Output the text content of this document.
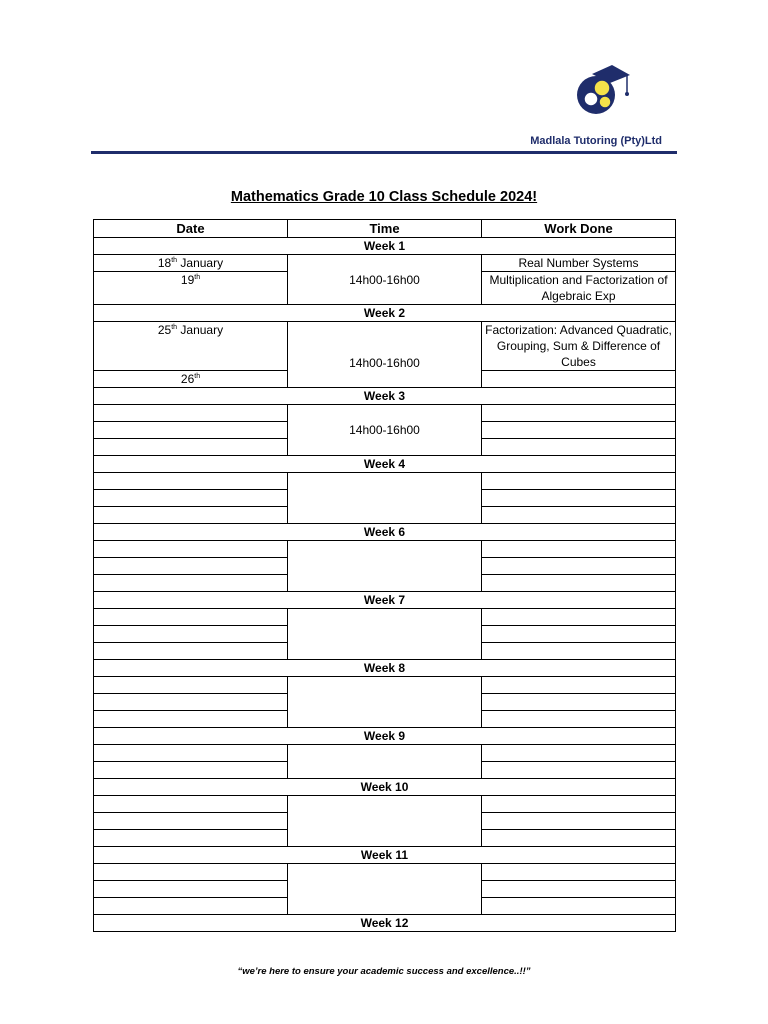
Madlala Tutoring (Pty)Ltd
Mathematics Grade 10 Class Schedule 2024!
Date	Time	Work Done
Week 1		
18th January	14h00-16h00	Real Number Systems
19th		Multiplication and Factorization of Algebraic Exp
Week 2		
25th January	14h00-16h00	Factorization: Advanced Quadratic, Grouping, Sum & Difference of Cubes
26th	
Week 3		
	14h00-16h00	

Week 4		

Week 6		

Week 7		

Week 8		

Week 9		

Week 10		

Week 11		

Week 12		
“we’re here to ensure your academic success and excellence..!!”
